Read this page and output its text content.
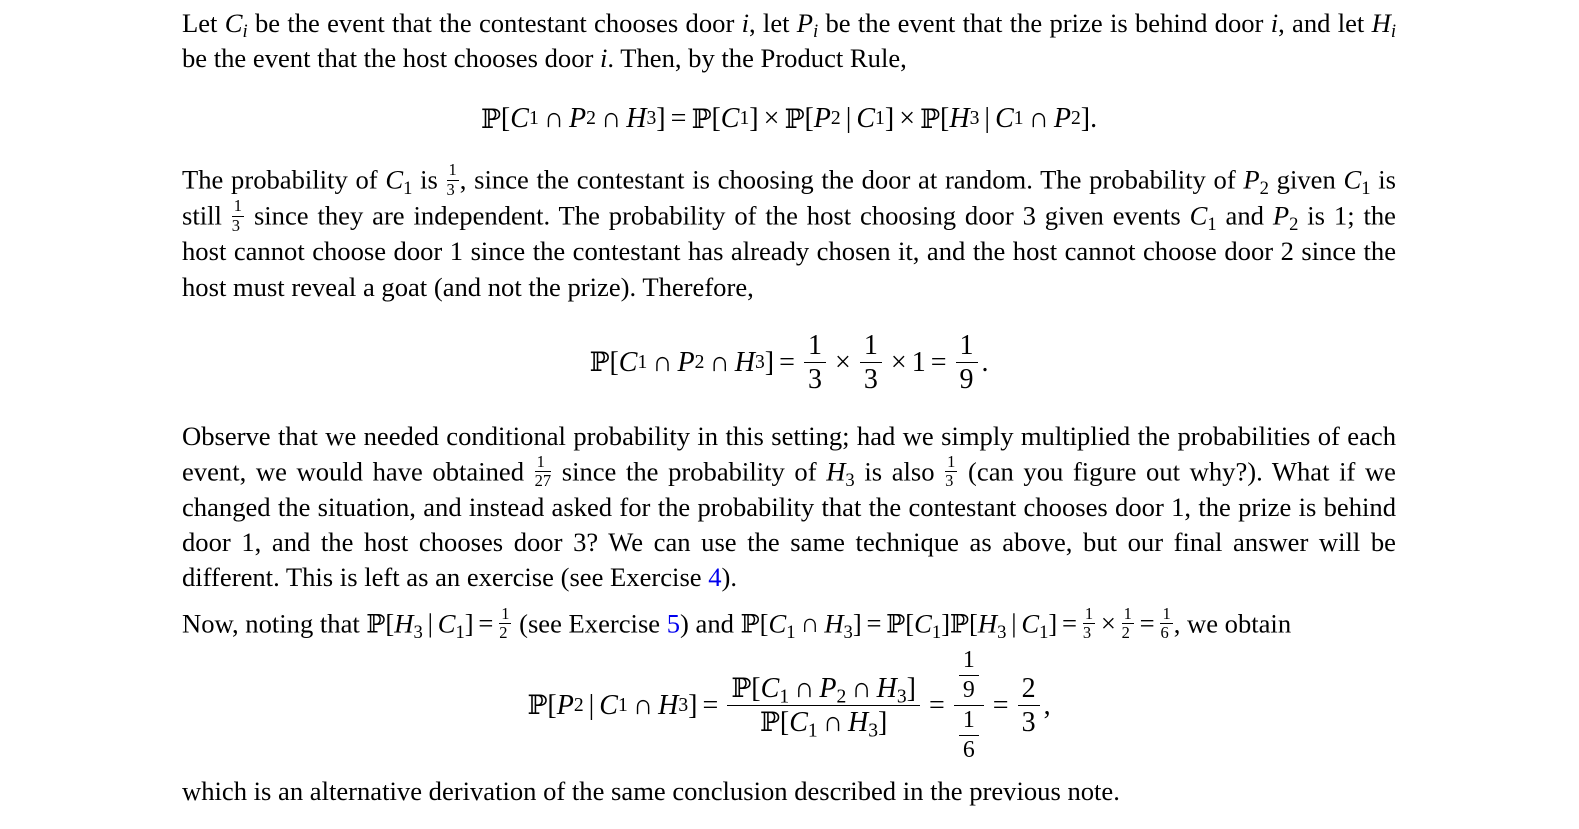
Let $C_i$ be the event that the contestant chooses door i, let $P_i$ be the event that the prize is behind door i, and let $H_i$ be the event that the host chooses door i. Then, by the Product Rule,

ℙ [ C 1 ∩ P 2 ∩ H 3 ] = ℙ [ C 1 ] × ℙ [ P 2 | C 1 ] × ℙ [ H 3 | C 1 ∩ P 2 ] .

The probability of $C_1$ is $\frac{1}{3}$ , since the contestant is choosing the door at random. The probability of $P_2$ given $C_1$ is still $\frac{1}{3}$ since they are independent. The probability of the host choosing door 3 given events $C_1$ and $P_2$ is 1; the host cannot choose door 1 since the contestant has already chosen it, and the host cannot choose door 2 since the host must reveal a goat (and not the prize). Therefore,

ℙ [ C 1 ∩ P 2 ∩ H 3 ] = $\frac{1}{3} \times \frac{1}{3} \times 1 = \frac{1}{9}$ .

Observe that we needed conditional probability in this setting; had we simply multiplied the probabilities of each event, we would have obtained $\frac{1}{27}$ since the probability of $H_3$ is also $\frac{1}{3} (can$ you figure out why?). What if we changed the situation, and instead asked for the probability that the contestant chooses door 1, the prize is behind door 1, and the host chooses door 3? We can use the same technique as above, but our final answer will be different. This is left as an exercise (see Exercise 4).

Now, noting that $ℙ[H_3$ | $C_1] = \frac{1}{2} (see$ Exercise 5) and $ℙ[C_1$ ∩ $H_3$] = $ℙ[C_1]ℙ[H_3$ | $C_1] = \frac{1}{3} \times \frac{1}{2} = \frac{1}{6}$ , we obtain

ℙ [ P 2 | C 1 ∩ H 3 ] = $\frac{ℙ[C_1 \cap P_2 \cap H_3]}{ℙ[C_1 \cap H_3]} = \frac{\frac{1}{9}}{\frac{1}{6}} = \frac{2}{3}$ ,

which is an alternative derivation of the same conclusion described in the previous note.
